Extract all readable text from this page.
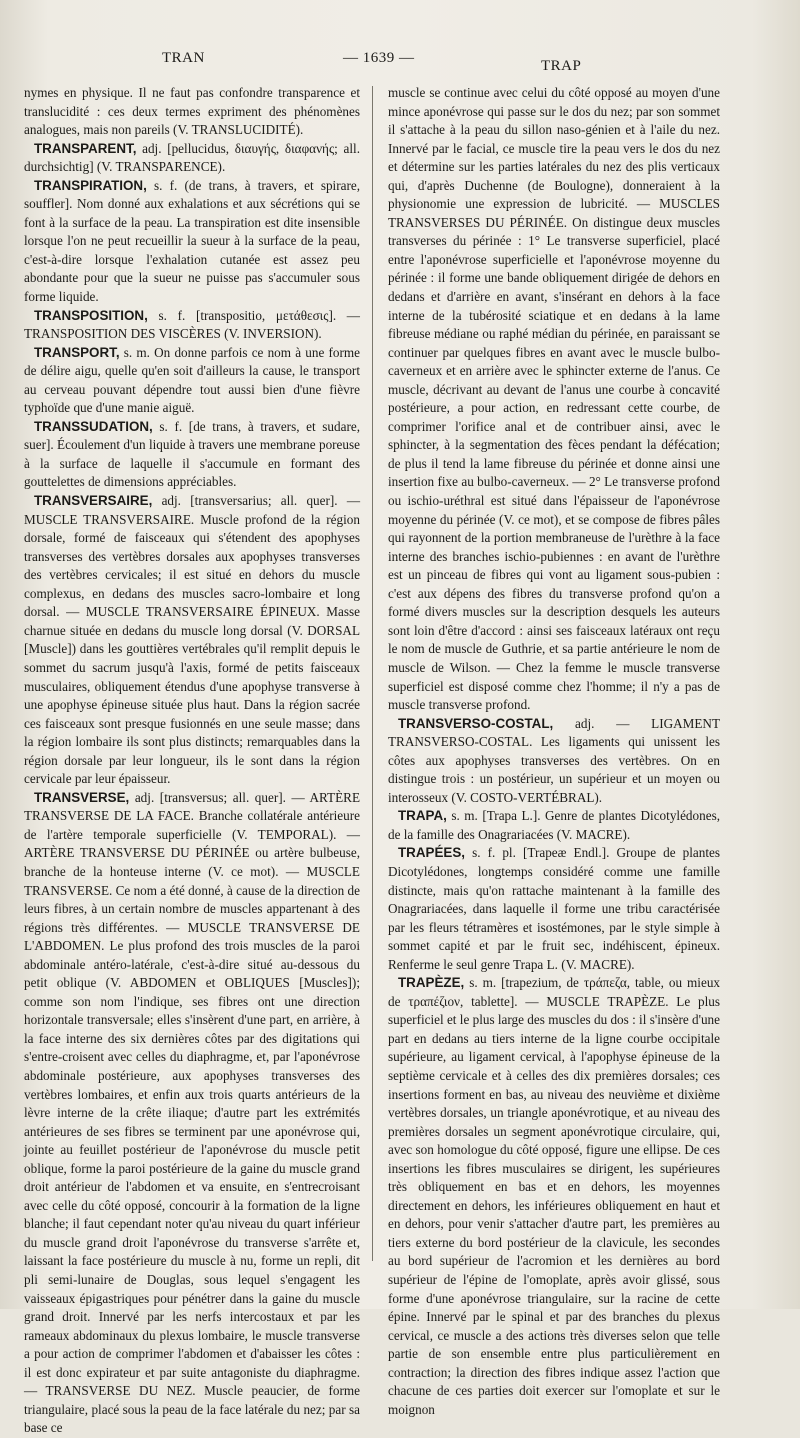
TRAN	— 1639 —	TRAP

nymes en physique. Il ne faut pas confondre transparence et translucidité : ces deux termes expriment des phénomènes analogues, mais non pareils (V. TRANSLUCIDITÉ).

TRANSPARENT, adj. [pellucidus, διαυγής, διαφανής; all. durchsichtig] (V. TRANSPARENCE).

TRANSPIRATION, s. f. (de trans, à travers, et spirare, souffler]. Nom donné aux exhalations et aux sécrétions qui se font à la surface de la peau. La transpiration est dite insensible lorsque l'on ne peut recueillir la sueur à la surface de la peau, c'est-à-dire lorsque l'exhalation cutanée est assez peu abondante pour que la sueur ne puisse pas s'accumuler sous forme liquide.

TRANSPOSITION, s. f. [transpositio, μετάθεσις]. — TRANSPOSITION DES VISCÈRES (V. INVERSION).

TRANSPORT, s. m. On donne parfois ce nom à une forme de délire aigu, quelle qu'en soit d'ailleurs la cause, le transport au cerveau pouvant dépendre tout aussi bien d'une fièvre typhoïde que d'une manie aiguë.

TRANSSUDATION, s. f. [de trans, à travers, et sudare, suer]. Écoulement d'un liquide à travers une membrane poreuse à la surface de laquelle il s'accumule en formant des gouttelettes de dimensions appréciables.

TRANSVERSAIRE, adj. [transversarius; all. quer]. — MUSCLE TRANSVERSAIRE. Muscle profond de la région dorsale, formé de faisceaux qui s'étendent des apophyses transverses des vertèbres dorsales aux apophyses transverses des vertèbres cervicales; il est situé en dehors du muscle complexus, en dedans des muscles sacro-lombaire et long dorsal. — MUSCLE TRANSVERSAIRE ÉPINEUX. Masse charnue située en dedans du muscle long dorsal (V. DORSAL [Muscle]) dans les gouttières vertébrales qu'il remplit depuis le sommet du sacrum jusqu'à l'axis, formé de petits faisceaux musculaires, obliquement étendus d'une apophyse transverse à une apophyse épineuse située plus haut. Dans la région sacrée ces faisceaux sont presque fusionnés en une seule masse; dans la région lombaire ils sont plus distincts; remarquables dans la région dorsale par leur longueur, ils le sont dans la région cervicale par leur épaisseur.

TRANSVERSE, adj. [transversus; all. quer]. — ARTÈRE TRANSVERSE DE LA FACE. Branche collatérale antérieure de l'artère temporale superficielle (V. TEMPORAL). — ARTÈRE TRANSVERSE DU PÉRINÉE ou artère bulbeuse, branche de la honteuse interne (V. ce mot). — MUSCLE TRANSVERSE. Ce nom a été donné, à cause de la direction de leurs fibres, à un certain nombre de muscles appartenant à des régions très différentes. — MUSCLE TRANSVERSE DE L'ABDOMEN. Le plus profond des trois muscles de la paroi abdominale antéro-latérale, c'est-à-dire situé au-dessous du petit oblique (V. ABDOMEN et OBLIQUES [Muscles]); comme son nom l'indique, ses fibres ont une direction horizontale transversale; elles s'insèrent d'une part, en arrière, à la face interne des six dernières côtes par des digitations qui s'entre-croisent avec celles du diaphragme, et, par l'aponévrose abdominale postérieure, aux apophyses transverses des vertèbres lombaires, et enfin aux trois quarts antérieurs de la lèvre interne de la crête iliaque; d'autre part les extrémités antérieures de ses fibres se terminent par une aponévrose qui, jointe au feuillet postérieur de l'aponévrose du muscle petit oblique, forme la paroi postérieure de la gaine du muscle grand droit antérieur de l'abdomen et va ensuite, en s'entrecroisant avec celle du côté opposé, concourir à la formation de la ligne blanche; il faut cependant noter qu'au niveau du quart inférieur du muscle grand droit l'aponévrose du transverse s'arrête et, laissant la face postérieure du muscle à nu, forme un repli, dit pli semi-lunaire de Douglas, sous lequel s'engagent les vaisseaux épigastriques pour pénétrer dans la gaine du muscle grand droit. Innervé par les nerfs intercostaux et par les rameaux abdominaux du plexus lombaire, le muscle transverse a pour action de comprimer l'abdomen et d'abaisser les côtes : il est donc expirateur et par suite antagoniste du diaphragme. — TRANSVERSE DU NEZ. Muscle peaucier, de forme triangulaire, placé sous la peau de la face latérale du nez; par sa base ce

muscle se continue avec celui du côté opposé au moyen d'une mince aponévrose qui passe sur le dos du nez; par son sommet il s'attache à la peau du sillon naso-génien et à l'aile du nez. Innervé par le facial, ce muscle tire la peau vers le dos du nez et détermine sur les parties latérales du nez des plis verticaux qui, d'après Duchenne (de Boulogne), donneraient à la physionomie une expression de lubricité. — MUSCLES TRANSVERSES DU PÉRINÉE. On distingue deux muscles transverses du périnée : 1° Le transverse superficiel, placé entre l'aponévrose superficielle et l'aponévrose moyenne du périnée : il forme une bande obliquement dirigée de dehors en dedans et d'arrière en avant, s'insérant en dehors à la face interne de la tubérosité sciatique et en dedans à la lame fibreuse médiane ou raphé médian du périnée, en paraissant se continuer par quelques fibres en avant avec le muscle bulbo-caverneux et en arrière avec le sphincter externe de l'anus. Ce muscle, décrivant au devant de l'anus une courbe à concavité postérieure, a pour action, en redressant cette courbe, de comprimer l'orifice anal et de contribuer ainsi, avec le sphincter, à la segmentation des fèces pendant la défécation; de plus il tend la lame fibreuse du périnée et donne ainsi une insertion fixe au bulbo-caverneux. — 2° Le transverse profond ou ischio-uréthral est situé dans l'épaisseur de l'aponévrose moyenne du périnée (V. ce mot), et se compose de fibres pâles qui rayonnent de la portion membraneuse de l'urèthre à la face interne des branches ischio-pubiennes : en avant de l'urèthre est un pinceau de fibres qui vont au ligament sous-pubien : c'est aux dépens des fibres du transverse profond qu'on a formé divers muscles sur la description desquels les auteurs sont loin d'être d'accord : ainsi ses faisceaux latéraux ont reçu le nom de muscle de Guthrie, et sa partie antérieure le nom de muscle de Wilson. — Chez la femme le muscle transverse superficiel est disposé comme chez l'homme; il n'y a pas de muscle transverse profond.

TRANSVERSO-COSTAL, adj. — LIGAMENT TRANSVERSO-COSTAL. Les ligaments qui unissent les côtes aux apophyses transverses des vertèbres. On en distingue trois : un postérieur, un supérieur et un moyen ou interosseux (V. COSTO-VERTÉBRAL).

TRAPA, s. m. [Trapa L.]. Genre de plantes Dicotylédones, de la famille des Onagrariacées (V. MACRE).

TRAPÉES, s. f. pl. [Trapeæ Endl.]. Groupe de plantes Dicotylédones, longtemps considéré comme une famille distincte, mais qu'on rattache maintenant à la famille des Onagrariacées, dans laquelle il forme une tribu caractérisée par les fleurs tétramères et isostémones, par le style simple à sommet capité et par le fruit sec, indéhiscent, épineux. Renferme le seul genre Trapa L. (V. MACRE).

TRAPÈZE, s. m. [trapezium, de τράπεζα, table, ou mieux de τραπέζιον, tablette]. — MUSCLE TRAPÈZE. Le plus superficiel et le plus large des muscles du dos : il s'insère d'une part en dedans au tiers interne de la ligne courbe occipitale supérieure, au ligament cervical, à l'apophyse épineuse de la septième cervicale et à celles des dix premières dorsales; ces insertions forment en bas, au niveau des neuvième et dixième vertèbres dorsales, un triangle aponévrotique, et au niveau des premières dorsales un segment aponévrotique circulaire, qui, avec son homologue du côté opposé, figure une ellipse. De ces insertions les fibres musculaires se dirigent, les supérieures très obliquement en bas et en dehors, les moyennes directement en dehors, les inférieures obliquement en haut et en dehors, pour venir s'attacher d'autre part, les premières au tiers externe du bord postérieur de la clavicule, les secondes au bord supérieur de l'acromion et les dernières au bord supérieur de l'épine de l'omoplate, après avoir glissé, sous forme d'une aponévrose triangulaire, sur la racine de cette épine. Innervé par le spinal et par des branches du plexus cervical, ce muscle a des actions très diverses selon que telle partie de son ensemble entre plus particulièrement en contraction; la direction des fibres indique assez l'action que chacune de ces parties doit exercer sur l'omoplate et sur le moignon
